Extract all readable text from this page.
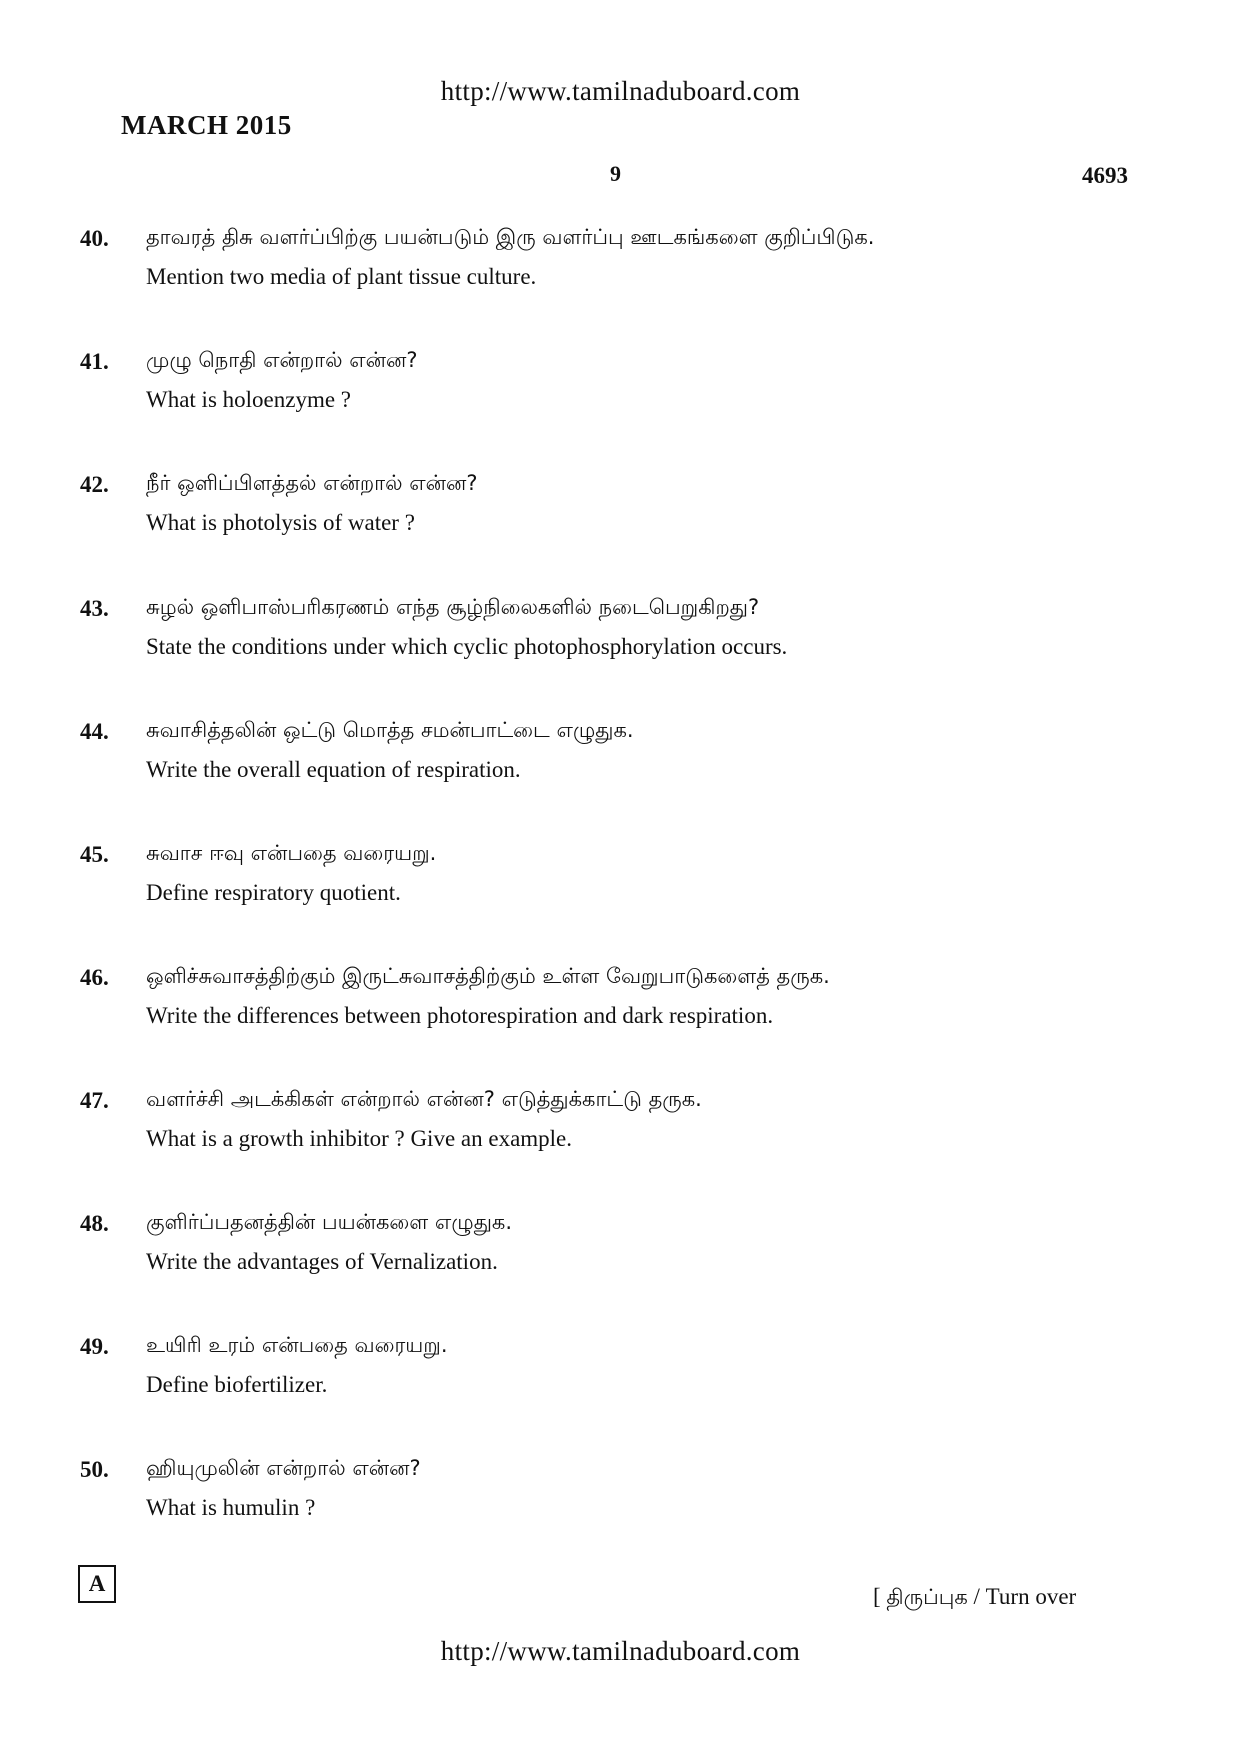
http://www.tamilnaduboard.com
MARCH 2015
9	4693
40. தாவரத் திசு வளர்ப்பிற்கு பயன்படும் இரு வளர்ப்பு ஊடகங்களை குறிப்பிடுக.
Mention two media of plant tissue culture.
41. முழு நொதி என்றால் என்ன?
What is holoenzyme ?
42. நீர் ஒளிப்பிளத்தல் என்றால் என்ன?
What is photolysis of water ?
43. சுழல் ஒளிபாஸ்பரிகரணம் எந்த சூழ்நிலைகளில் நடைபெறுகிறது?
State the conditions under which cyclic photophosphorylation occurs.
44. சுவாசித்தலின் ஒட்டு மொத்த சமன்பாட்டை எழுதுக.
Write the overall equation of respiration.
45. சுவாச ஈவு என்பதை வரையறு.
Define respiratory quotient.
46. ஒளிச்சுவாசத்திற்கும் இருட்சுவாசத்திற்கும் உள்ள வேறுபாடுகளைத் தருக.
Write the differences between photorespiration and dark respiration.
47. வளர்ச்சி அடக்கிகள் என்றால் என்ன? எடுத்துக்காட்டு தருக.
What is a growth inhibitor ? Give an example.
48. குளிர்ப்பதனத்தின் பயன்களை எழுதுக.
Write the advantages of Vernalization.
49. உயிரி உரம் என்பதை வரையறு.
Define biofertilizer.
50. ஹியுமுலின் என்றால் என்ன?
What is humulin ?
A
[ திருப்புக / Turn over
http://www.tamilnaduboard.com
